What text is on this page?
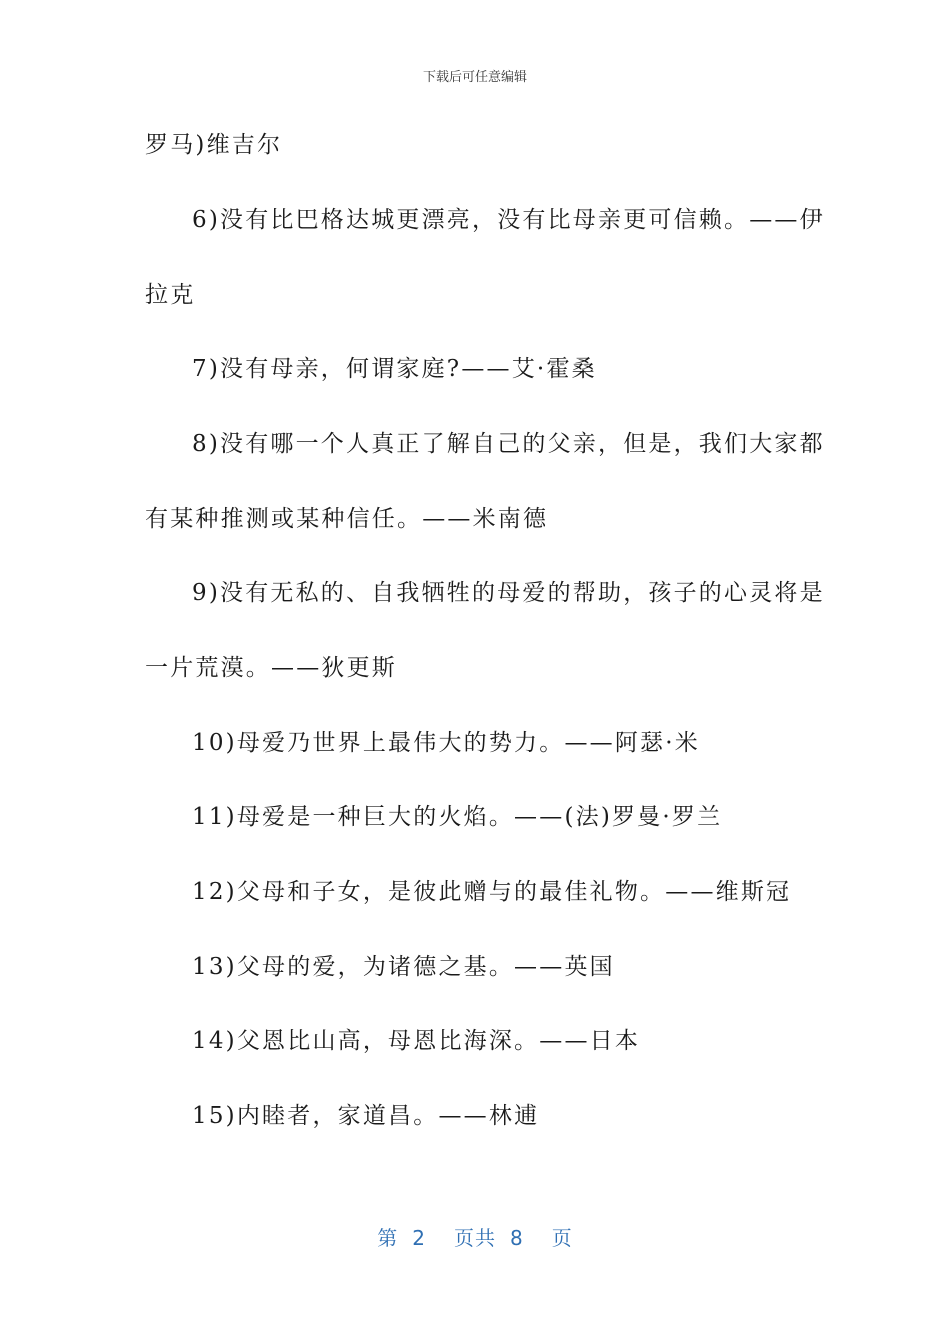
下载后可任意编辑
罗马)维吉尔
6)没有比巴格达城更漂亮，没有比母亲更可信赖。——伊
拉克
7)没有母亲，何谓家庭?——艾·霍桑
8)没有哪一个人真正了解自己的父亲，但是，我们大家都
有某种推测或某种信任。——米南德
9)没有无私的、自我牺牲的母爱的帮助，孩子的心灵将是
一片荒漠。——狄更斯
10)母爱乃世界上最伟大的势力。——阿瑟·米
11)母爱是一种巨大的火焰。——(法)罗曼·罗兰
12)父母和子女，是彼此赠与的最佳礼物。——维斯冠
13)父母的爱，为诸德之基。——英国
14)父恩比山高，母恩比海深。——日本
15)内睦者，家道昌。——林逋
第 2 页共 8 页
